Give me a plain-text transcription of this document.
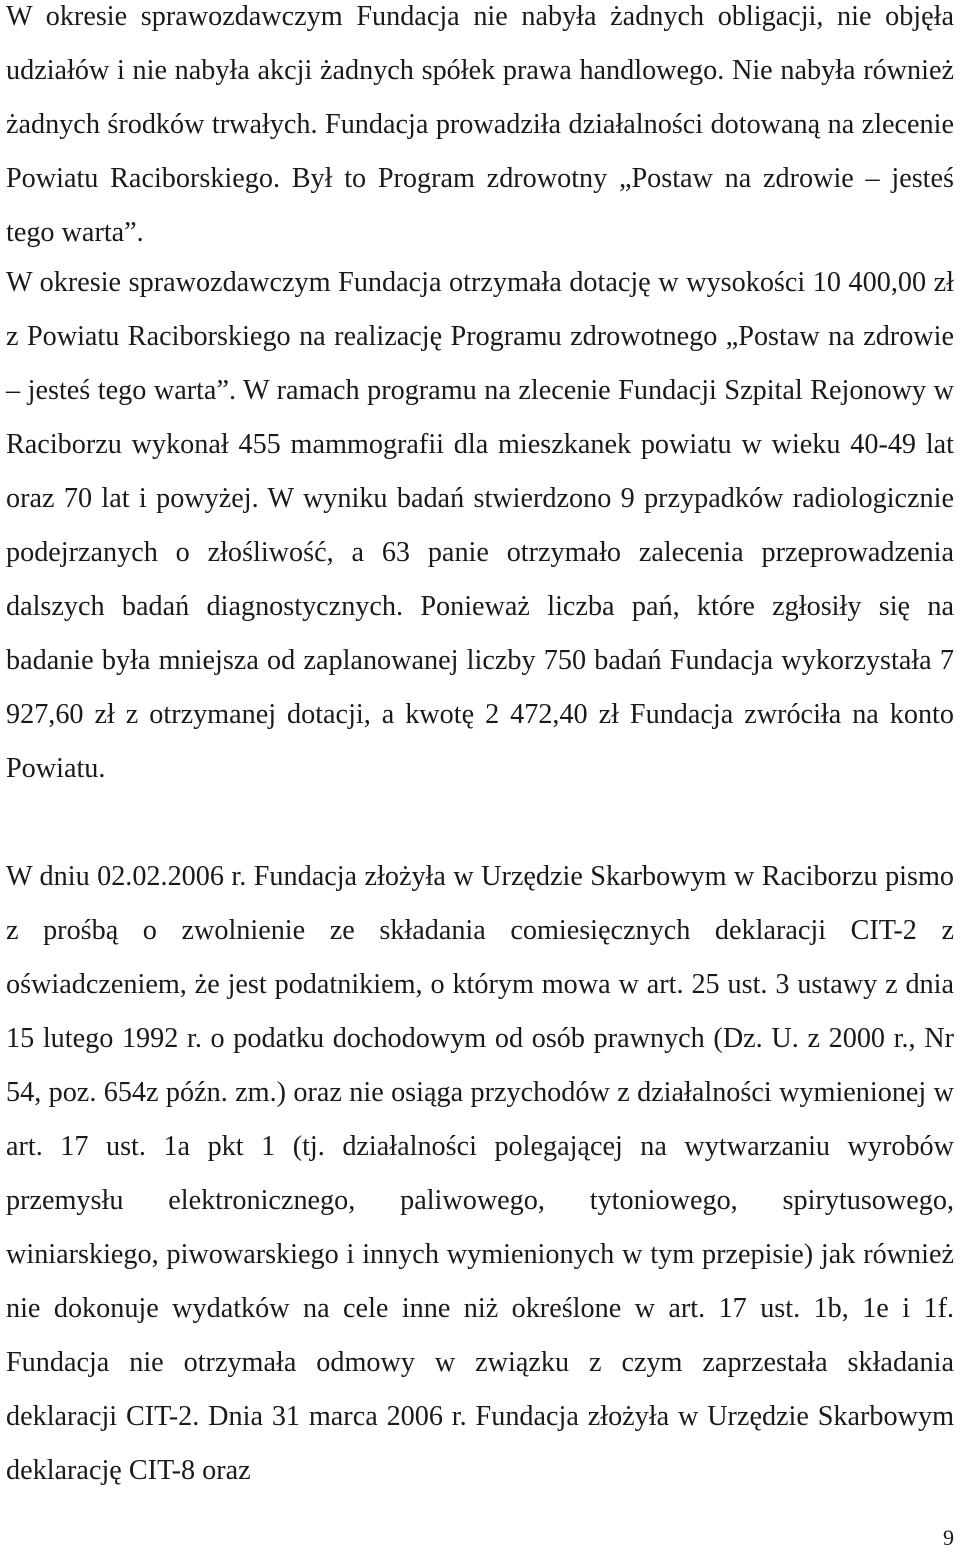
W okresie sprawozdawczym Fundacja nie nabyła żadnych obligacji, nie objęła udziałów i nie nabyła akcji żadnych spółek prawa handlowego. Nie nabyła również żadnych środków trwałych. Fundacja prowadziła działalności dotowaną na zlecenie Powiatu Raciborskiego. Był to Program zdrowotny „Postaw na zdrowie – jesteś tego warta”.

W okresie sprawozdawczym Fundacja otrzymała dotację w wysokości 10 400,00 zł z Powiatu Raciborskiego na realizację Programu zdrowotnego „Postaw na zdrowie – jesteś tego warta”. W ramach programu na zlecenie Fundacji Szpital Rejonowy w Raciborzu wykonał 455 mammografii dla mieszkanek powiatu w wieku 40-49 lat oraz 70 lat i powyżej. W wyniku badań stwierdzono 9 przypadków radiologicznie podejrzanych o złośliwość, a 63 panie otrzymało zalecenia przeprowadzenia dalszych badań diagnostycznych. Ponieważ liczba pań, które zgłosiły się na badanie była mniejsza od zaplanowanej liczby 750 badań Fundacja wykorzystała 7 927,60 zł z otrzymanej dotacji, a kwotę 2 472,40 zł Fundacja zwróciła na konto Powiatu.

W dniu 02.02.2006 r. Fundacja złożyła w Urzędzie Skarbowym w Raciborzu pismo z prośbą o zwolnienie ze składania comiesięcznych deklaracji CIT-2 z oświadczeniem, że jest podatnikiem, o którym mowa w art. 25 ust. 3 ustawy z dnia 15 lutego 1992 r. o podatku dochodowym od osób prawnych (Dz. U. z 2000 r., Nr 54, poz. 654z późn. zm.) oraz nie osiąga przychodów z działalności wymienionej w art. 17 ust. 1a pkt 1 (tj. działalności polegającej na wytwarzaniu wyrobów przemysłu elektronicznego, paliwowego, tytoniowego, spirytusowego, winiarskiego, piwowarskiego i innych wymienionych w tym przepisie) jak również nie dokonuje wydatków na cele inne niż określone w art. 17 ust. 1b, 1e i 1f. Fundacja nie otrzymała odmowy w związku z czym zaprzestała składania deklaracji CIT-2. Dnia 31 marca 2006 r. Fundacja złożyła w Urzędzie Skarbowym deklarację CIT-8 oraz

9
